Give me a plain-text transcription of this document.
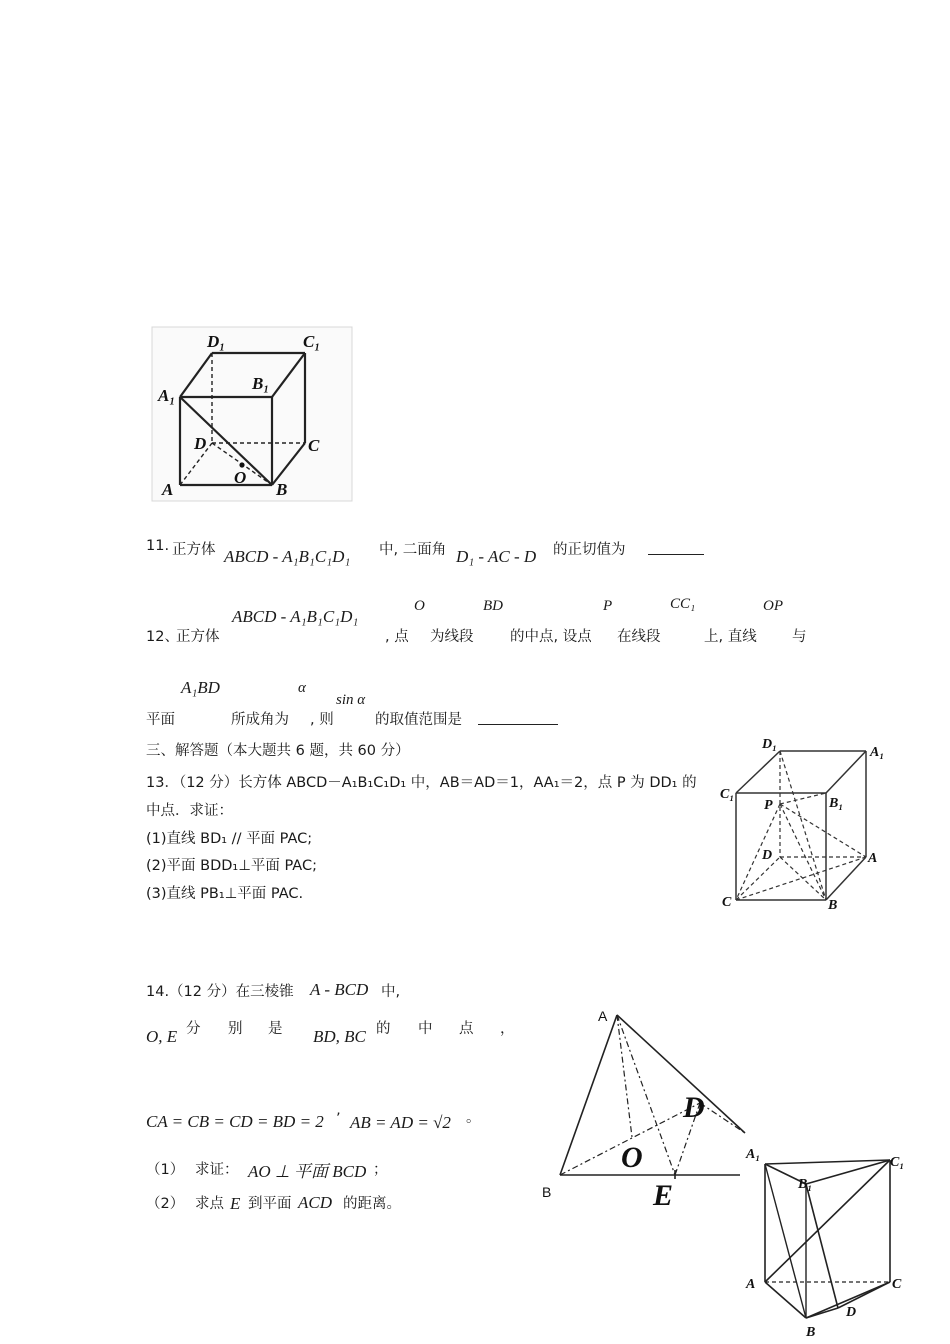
D₁	C₁
B₁
A₁
D	C
O
A	B
11. 正方体 ABCD - A₁B₁C₁D₁ 中, 二面角 D₁ - AC - D 的正切值为
ABCD - A₁B₁C₁D₁
O	BD	P	CC₁	OP
12、
正方体	, 点 为线段	的中点, 设点 在线段	上, 直线 与
A₁BD	α
sin α
平面	所成角为 , 则	的取值范围是
三、解答题（本大题共 6 题，共 60 分）
13．（12 分）长方体 ABCD－A₁B₁C₁D₁ 中，AB＝AD＝1，AA₁＝2，点 P 为 DD₁ 的
中点．求证：
(1)直线 BD₁ // 平面 PAC;
(2)平面 BDD₁⊥平面 PAC;
(3)直线 PB₁⊥平面 PAC.
D₁
A₁
C₁
B₁
P
D	A
C	B
14.（12 分）在三棱锥 A - BCD 中,
O, E 分 别 是 BD, BC 的 中 点 ，
CA = CB = CD = BD = 2 ’ AB = AD = √2 。
（1） 求证： AO ⊥ 平面 BCD ；
（2） 求点 E 到平面 ACD 的距离。
A
D
O
E
B
A₁
B₁
C₁
A	C
D
B
